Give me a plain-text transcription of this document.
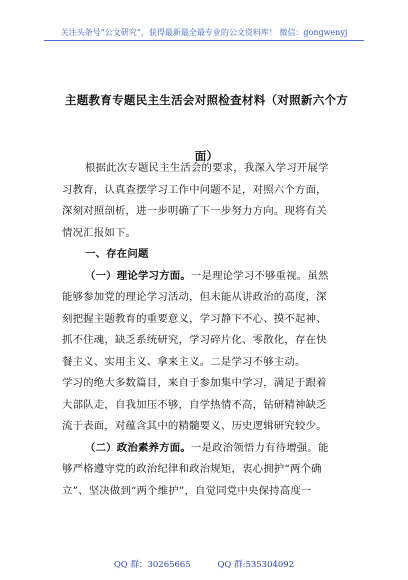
关注头条号“公文研究”，获得最新最全最专业的公文资料库！ 微信：gongwenyj
主题教育专题民主生活会对照检查材料（对照新六个方
面）
根据此次专题民主生活会的要求，我深入学习开展学
习教育，认真查摆学习工作中问题不足，对照六个方面，
深刻对照剖析，进一步明确了下一步努力方向。现将有关
情况汇报如下。
一、存在问题
（一）理论学习方面。一是理论学习不够重视。虽然
能够参加党的理论学习活动，但未能从讲政治的高度，深
刻把握主题教育的重要意义，学习静下不心、摸不起神、
抓不住魂，缺乏系统研究，学习碎片化、零散化，存在快
餐主义、实用主义、拿来主义。二是学习不够主动。
学习的绝大多数篇目，来自于参加集中学习，满足于跟着
大部队走，自我加压不够，自学热情不高，钻研精神缺乏
流于表面，对蕴含其中的精髓要义、历史逻辑研究较少。
（二）政治素养方面。一是政治领悟力有待增强。能
够严格遵守党的政治纪律和政治规矩，衷心拥护“两个确
立”、坚决做到“两个维护”，自觉同党中央保持高度一
QQ 群：30265665	QQ 群:535304092
